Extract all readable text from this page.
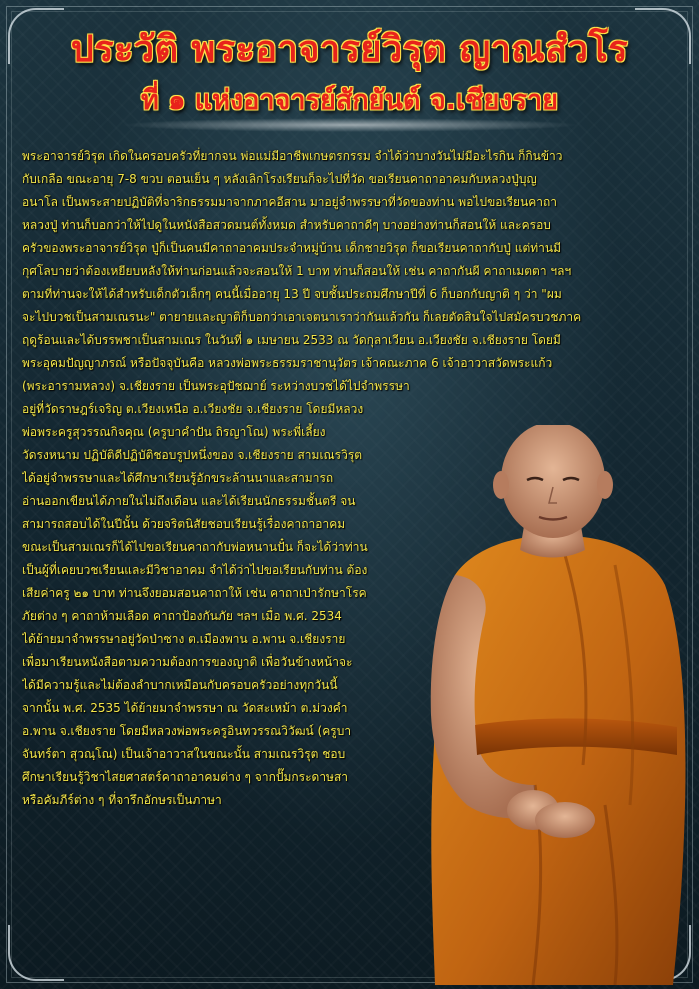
ประวัติ พระอาจารย์วิรุต ญาณสํวโร
ที่ ๑ แห่งอาจารย์สักยันต์ จ.เชียงราย
พระอาจารย์วิรุต เกิดในครอบครัวที่ยากจน พ่อแม่มีอาชีพเกษตรกรรม จำได้ว่าบางวันไม่มีอะไรกิน ก็กินข้าว
กับเกลือ ขณะอายุ 7-8 ขวบ ตอนเย็น ๆ หลังเลิกโรงเรียนก็จะไปที่วัด ขอเรียนคาถาอาคมกับหลวงปู่บุญ
อนาโล เป็นพระสายปฏิบัติที่จาริกธรรมมาจากภาคอีสาน มาอยู่จำพรรษาที่วัดของท่าน พอไปขอเรียนคาถา
หลวงปู่ ท่านก็บอกว่าให้ไปดูในหนังสือสวดมนต์ทั้งหมด สำหรับคาถาดีๆ บางอย่างท่านก็สอนให้ และครอบ
ครัวของพระอาจารย์วิรุต ปู่ก็เป็นคนมีคาถาอาคมประจำหมู่บ้าน เด็กชายวิรุต ก็ขอเรียนคาถากับปู่ แต่ท่านมี
กุศโลบายว่าต้องเหยียบหลังให้ท่านก่อนแล้วจะสอนให้ 1 บาท ท่านก็สอนให้ เช่น คาถากันผี คาถาเมตตา ฯลฯ
ตามที่ท่านจะให้ได้สำหรับเด็กตัวเล็กๆ คนนี้เมื่ออายุ 13 ปี จบชั้นประถมศึกษาปีที่ 6 ก็บอกกับญาติ ๆ ว่า "ผม
จะไปบวชเป็นสามเณรนะ" ตายายและญาติก็บอกว่าเอาเจตนาเราว่ากันแล้วกัน ก็เลยตัดสินใจไปสมัครบวชภาค
ฤดูร้อนและได้บรรพชาเป็นสามเณร ในวันที่ ๑ เมษายน 2533 ณ วัดกุลาเวียน อ.เวียงชัย จ.เชียงราย โดยมี
พระอุคมปัญญาภรณ์ หรือปัจจุบันคือ หลวงพ่อพระธรรมราชานุวัตร เจ้าคณะภาค 6 เจ้าอาวาสวัดพระแก้ว
(พระอารามหลวง) จ.เชียงราย เป็นพระอุปัชฌาย์ ระหว่างบวชได้ไปจำพรรษา
อยู่ที่วัดราษฎร์เจริญ ต.เวียงเหนือ อ.เวียงชัย จ.เชียงราย โดยมีหลวง
พ่อพระครูสุวรรณกิจคุณ (ครูบาคำปัน ถิรญาโณ) พระพี่เลี้ยง
วัดรงหนาม ปฏิบัติดีปฏิบัติชอบรูปหนึ่งของ จ.เชียงราย สามเณรวิรุต
ได้อยู่จำพรรษาและได้ศึกษาเรียนรู้อักขระล้านนาและสามารถ
อ่านออกเขียนได้ภายในไม่ถึงเดือน และได้เรียนนักธรรมชั้นตรี จน
สามารถสอบได้ในปีนั้น ด้วยจริตนิสัยชอบเรียนรู้เรื่องคาถาอาคม
ขณะเป็นสามเณรก็ได้ไปขอเรียนคาถากับพ่อหนานปั๋น ก็จะได้ว่าท่าน
เป็นผู้ที่เคยบวชเรียนและมีวิชาอาคม จำได้ว่าไปขอเรียนกับท่าน ต้อง
เสียค่าครู ๒๑ บาท ท่านจึงยอมสอนคาถาให้ เช่น คาถาเป่ารักษาโรค
ภัยต่าง ๆ คาถาห้ามเลือด คาถาป้องกันภัย ฯลฯ เมื่อ พ.ศ. 2534
ได้ย้ายมาจำพรรษาอยู่วัดป่าซาง ต.เมืองพาน อ.พาน จ.เชียงราย
เพื่อมาเรียนหนังสือตามความต้องการของญาติ เพื่อวันข้างหน้าจะ
ได้มีความรู้และไม่ต้องลำบากเหมือนกับครอบครัวอย่างทุกวันนี้
จากนั้น พ.ศ. 2535 ได้ย้ายมาจำพรรษา ณ วัดสะเหม้า ต.ม่วงคำ
อ.พาน จ.เชียงราย โดยมีหลวงพ่อพระครูอินทวรรณวิวัฒน์ (ครูบา
จันทร์ตา สุวณฺโณ) เป็นเจ้าอาวาสในขณะนั้น สามเณรวิรุต ชอบ
ศึกษาเรียนรู้วิชาไสยศาสตร์คาถาอาคมต่าง ๆ จากปั๊มกระดาษสา
หรือคัมภีร์ต่าง ๆ ที่จารึกอักษรเป็นภาษา
